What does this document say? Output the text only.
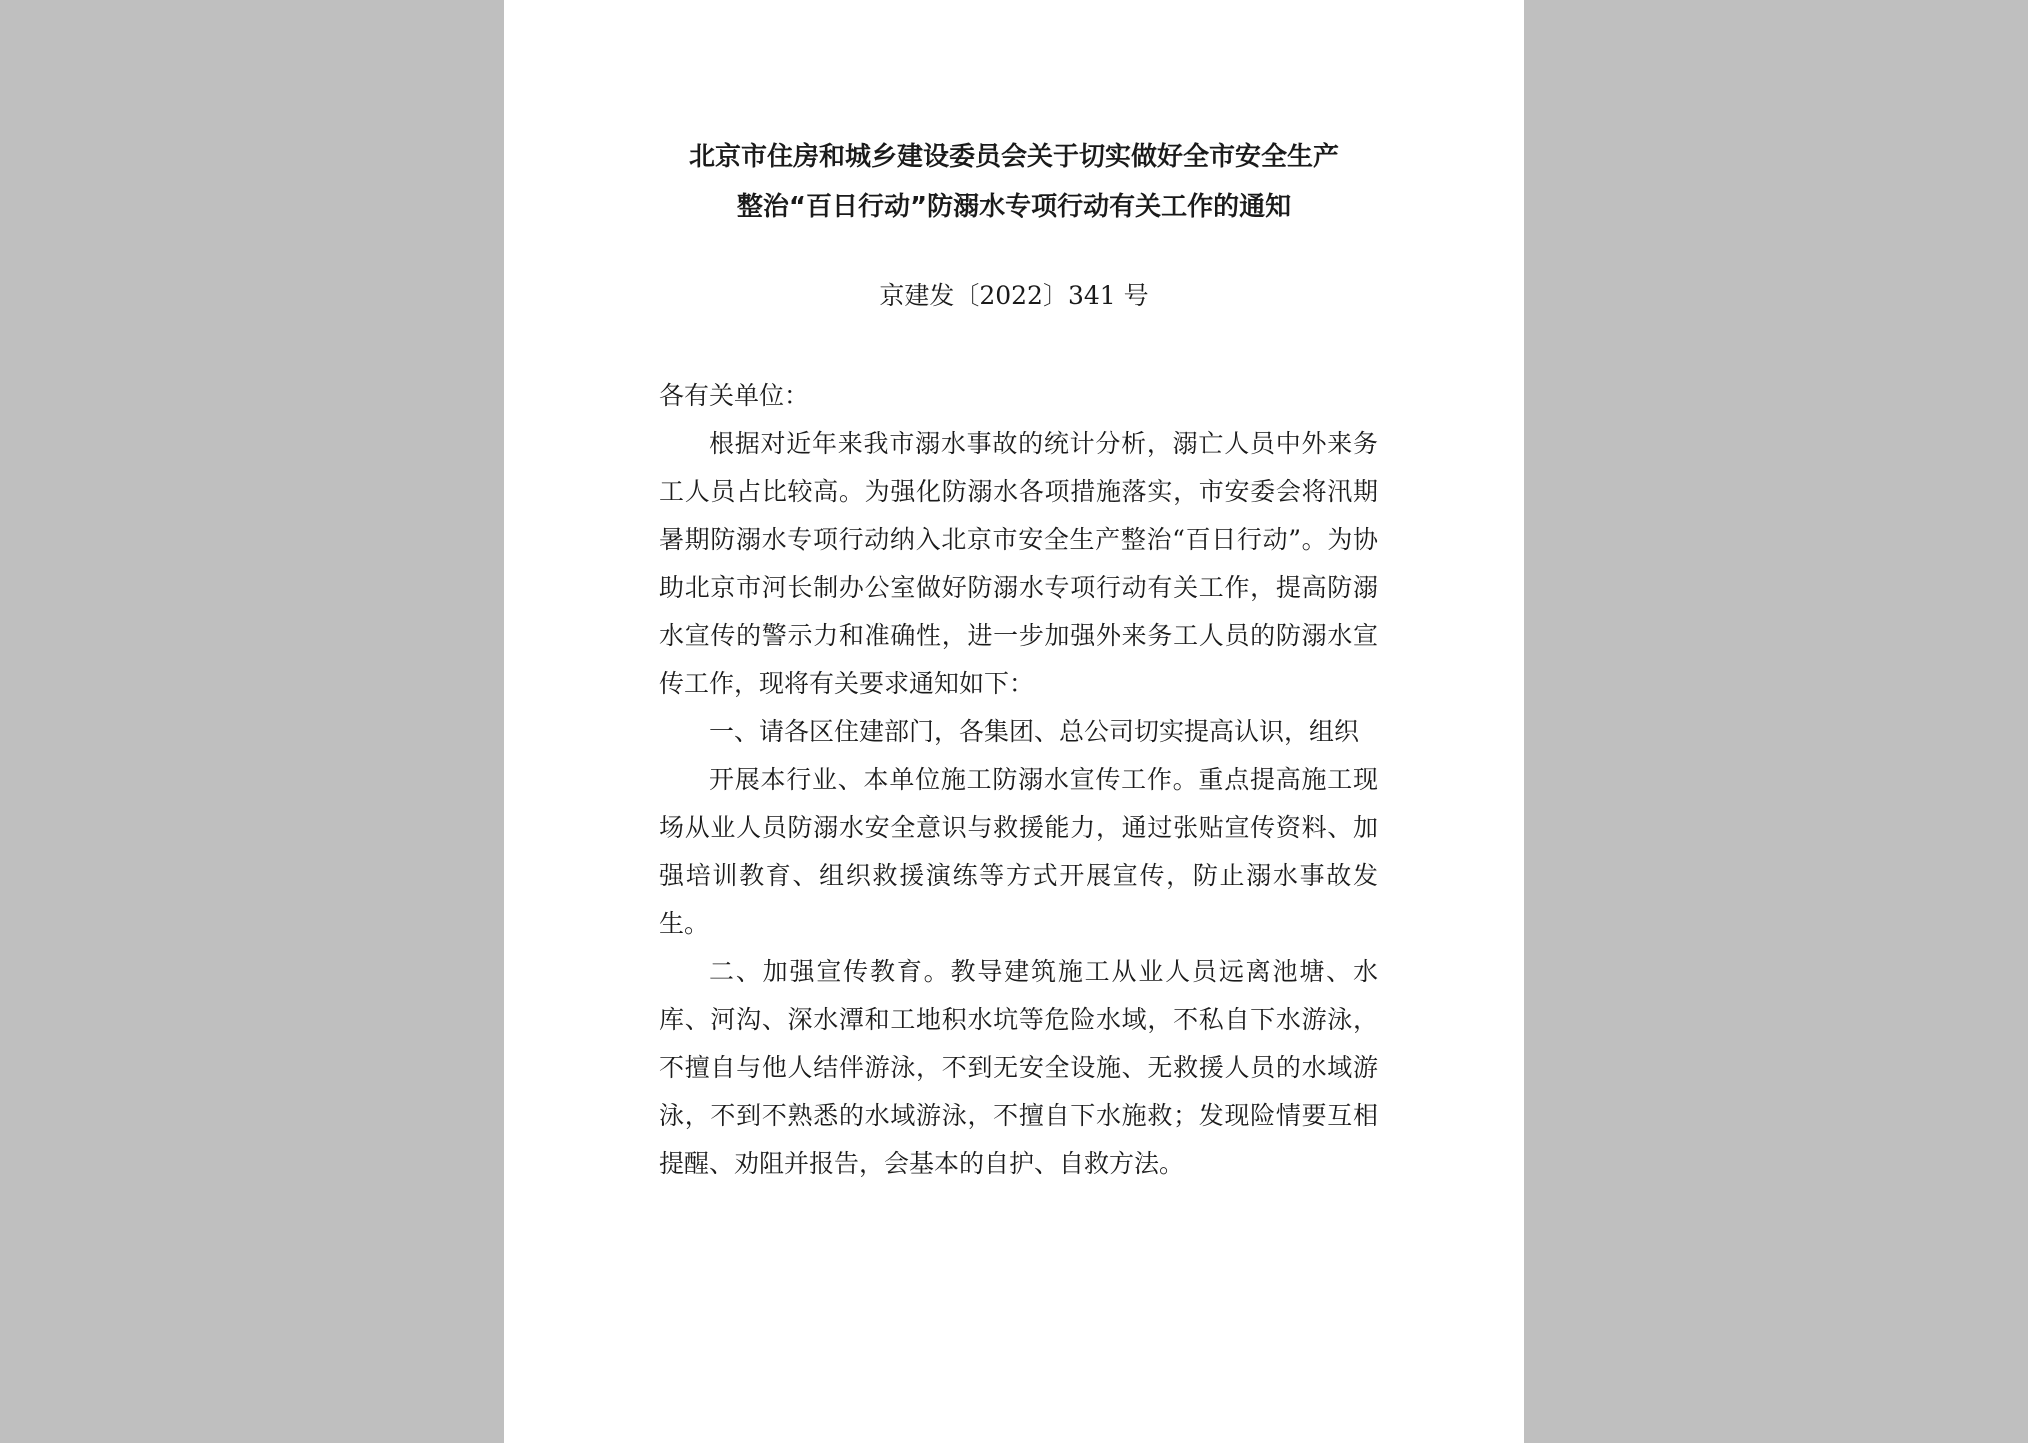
北京市住房和城乡建设委员会关于切实做好全市安全生产
整治“百日行动”防溺水专项行动有关工作的通知
京建发〔2022〕341 号

各有关单位：

根据对近年来我市溺水事故的统计分析，溺亡人员中外来务工人员占比较高。为强化防溺水各项措施落实，市安委会将汛期暑期防溺水专项行动纳入北京市安全生产整治“百日行动”。为协助北京市河长制办公室做好防溺水专项行动有关工作，提高防溺水宣传的警示力和准确性，进一步加强外来务工人员的防溺水宣传工作，现将有关要求通知如下：

一、请各区住建部门，各集团、总公司切实提高认识，组织

开展本行业、本单位施工防溺水宣传工作。重点提高施工现场从业人员防溺水安全意识与救援能力，通过张贴宣传资料、加强培训教育、组织救援演练等方式开展宣传，防止溺水事故发生。

二、加强宣传教育。教导建筑施工从业人员远离池塘、水库、河沟、深水潭和工地积水坑等危险水域，不私自下水游泳，不擅自与他人结伴游泳，不到无安全设施、无救援人员的水域游泳，不到不熟悉的水域游泳，不擅自下水施救；发现险情要互相提醒、劝阻并报告，会基本的自护、自救方法。
